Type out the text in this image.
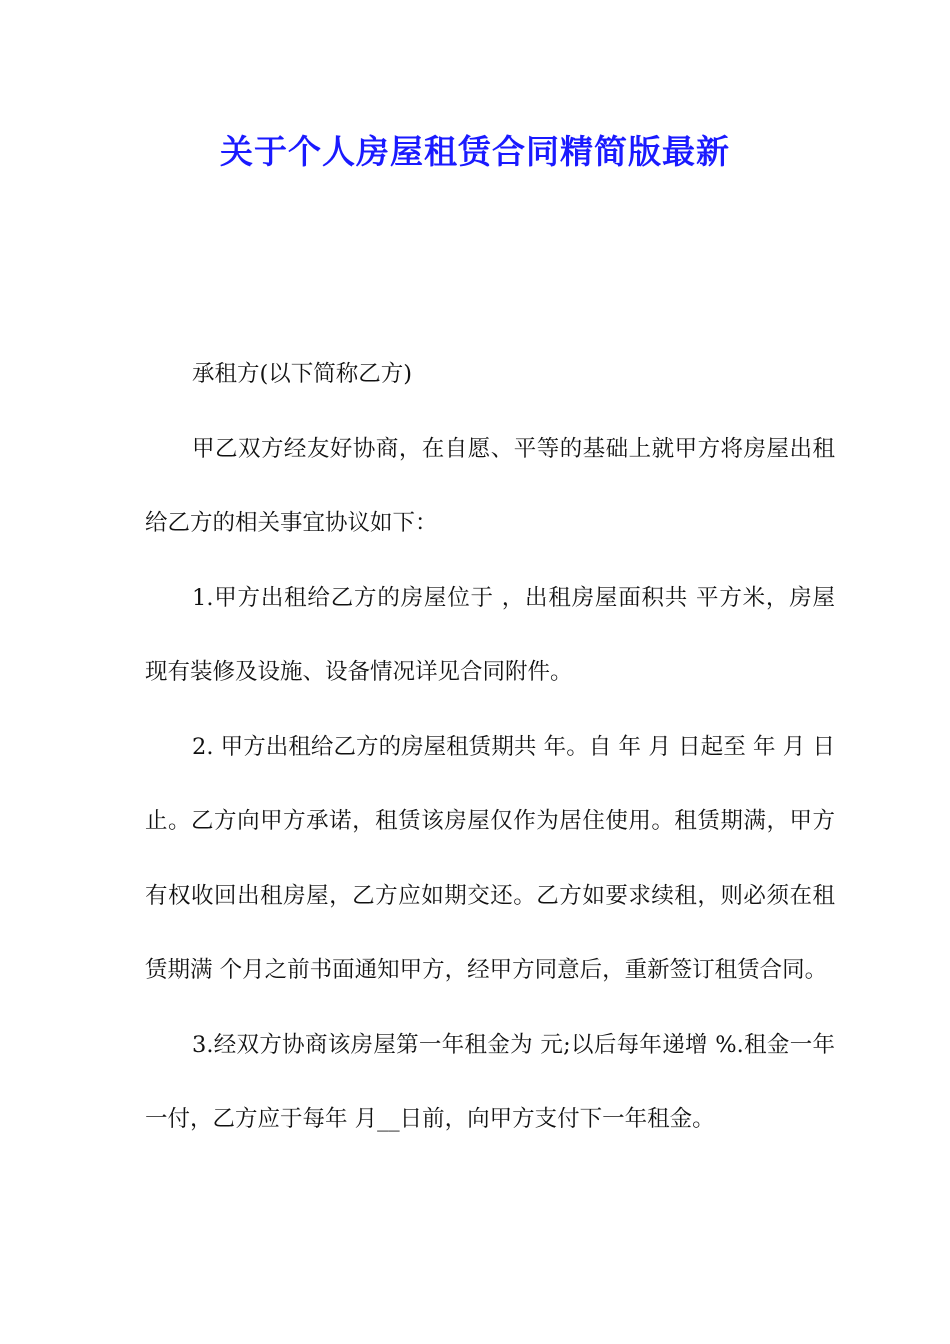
关于个人房屋租赁合同精简版最新

承租方(以下简称乙方)

甲乙双方经友好协商，在自愿、平等的基础上就甲方将房屋出租给乙方的相关事宜协议如下：

1.甲方出租给乙方的房屋位于 ，出租房屋面积共 平方米，房屋现有装修及设施、设备情况详见合同附件。

2. 甲方出租给乙方的房屋租赁期共 年。自 年 月 日起至 年 月 日止。乙方向甲方承诺，租赁该房屋仅作为居住使用。租赁期满，甲方有权收回出租房屋，乙方应如期交还。乙方如要求续租，则必须在租赁期满 个月之前书面通知甲方，经甲方同意后，重新签订租赁合同。

3.经双方协商该房屋第一年租金为 元;以后每年递增 %.租金一年一付，乙方应于每年 月__日前，向甲方支付下一年租金。
